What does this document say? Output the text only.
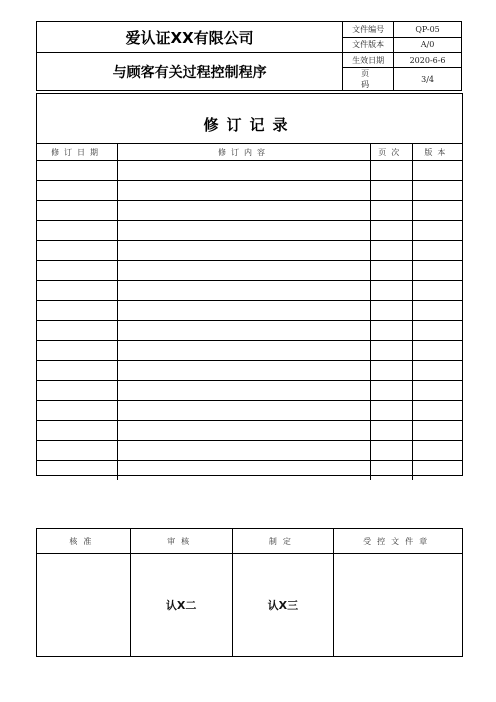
爱认证XX有限公司	文件编号	QP-05
	文件版本	A/0
与顾客有关过程控制程序	生效日期	2020-6-6
	页 码	3/4
修订记录
修订日期	修订内容	页次	版本

核准	审核	制定	受控文件章
	认X二	认X三	
